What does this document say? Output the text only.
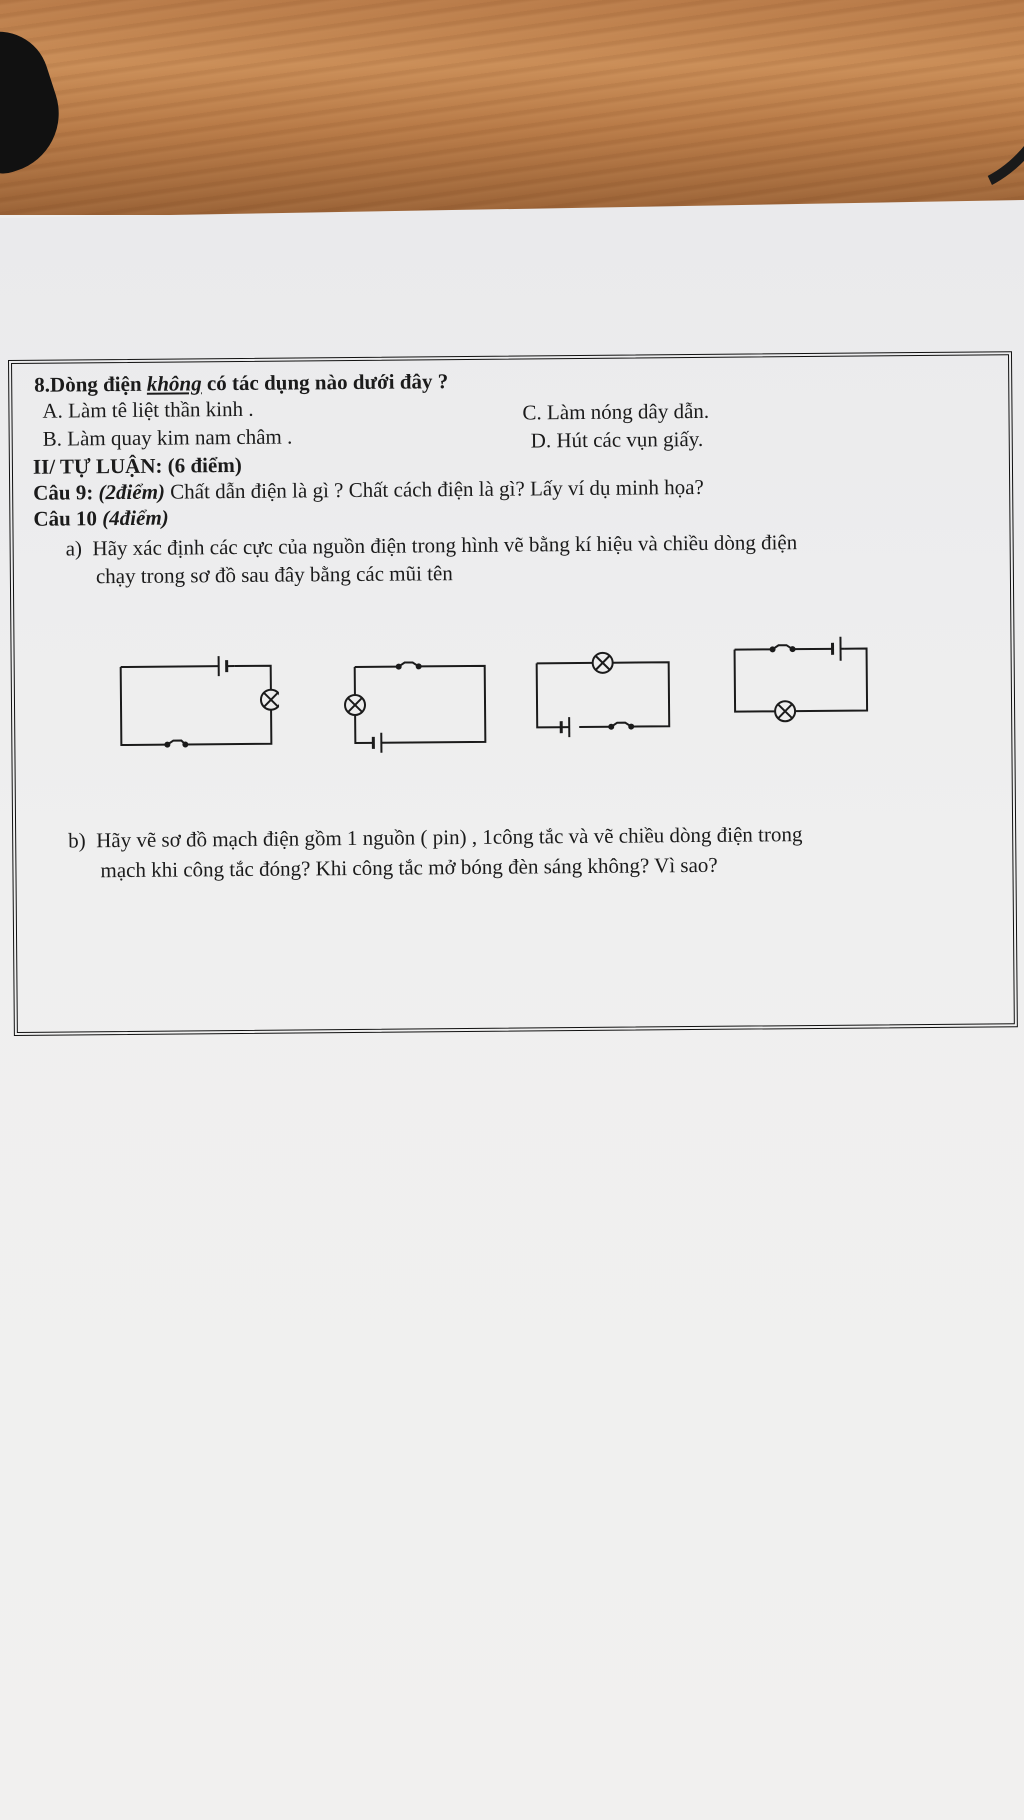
8.Dòng điện không có tác dụng nào dưới đây ?
A. Làm tê liệt thần kinh .
B. Làm quay kim nam châm .
C. Làm nóng dây dẫn.
D. Hút các vụn giấy.
II/ TỰ LUẬN: (6 điểm)
Câu 9: (2điểm) Chất dẫn điện là gì ? Chất cách điện là gì? Lấy ví dụ minh họa?
Câu 10 (4điểm)
a) Hãy xác định các cực của nguồn điện trong hình vẽ bằng kí hiệu và chiều dòng điện
chạy trong sơ đồ sau đây bằng các mũi tên
b) Hãy vẽ sơ đồ mạch điện gồm 1 nguồn ( pin) , 1công tắc và vẽ chiều dòng điện trong
mạch khi công tắc đóng? Khi công tắc mở bóng đèn sáng không? Vì sao?
